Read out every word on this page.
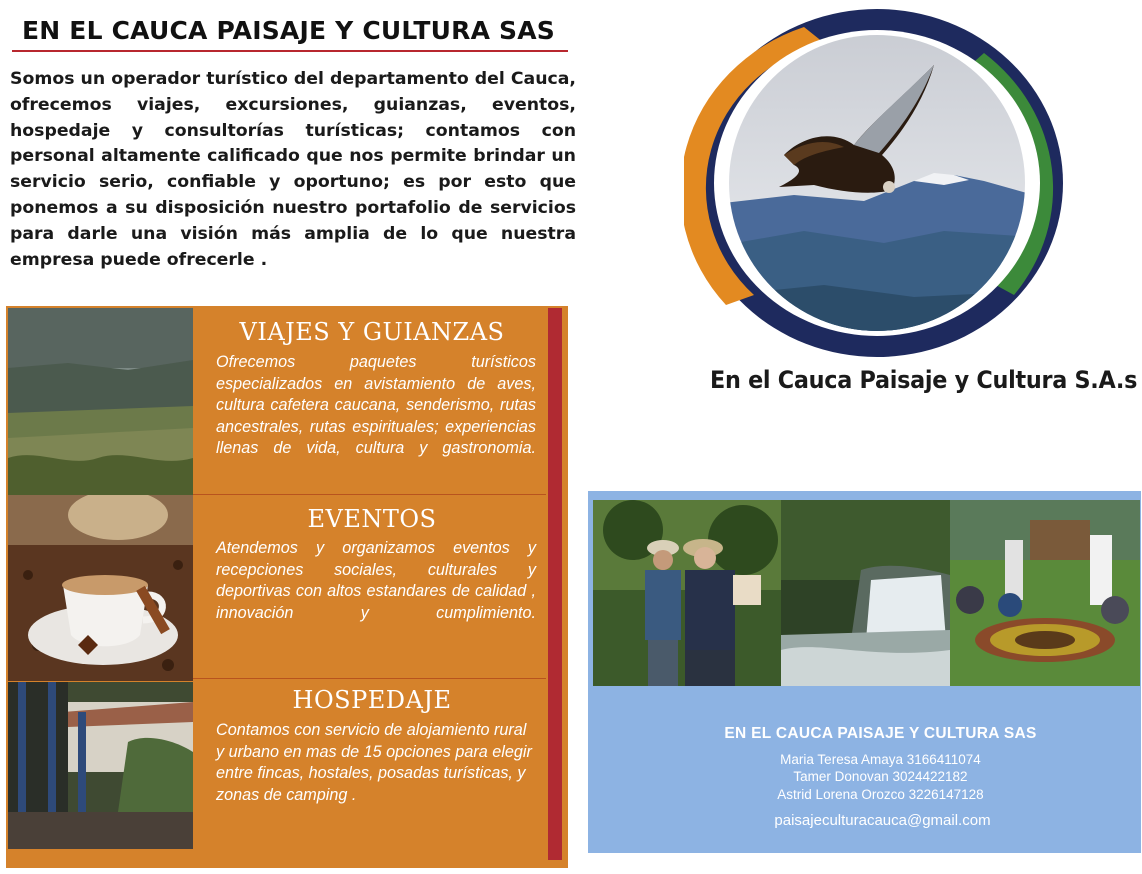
EN EL CAUCA PAISAJE Y CULTURA SAS
Somos un operador turístico del departamento del Cauca, ofrecemos viajes, excursiones, guianzas, eventos, hospedaje y consultorías turísticas; contamos con personal altamente calificado que nos permite brindar un servicio serio, confiable y oportuno; es por esto que ponemos a su disposición nuestro portafolio de servicios para darle una visión más amplia de lo que nuestra empresa puede ofrecerle .
En el Cauca Paisaje y Cultura S.A.s
VIAJES Y GUIANZAS
Ofrecemos paquetes turísticos especializados en avistamiento de aves, cultura cafetera caucana, senderismo, rutas ancestrales, rutas espirituales; experiencias llenas de vida, cultura y gastronomia.
EVENTOS
Atendemos y organizamos eventos y recepciones sociales, culturales y deportivas con altos estandares de calidad , innovación y cumplimiento.
HOSPEDAJE
Contamos con servicio de alojamiento rural y urbano en mas de 15 opciones para elegir entre fincas, hostales, posadas turísticas, y zonas de camping .
EN EL CAUCA PAISAJE Y CULTURA SAS
Maria Teresa Amaya 3166411074
Tamer Donovan 3024422182
Astrid Lorena Orozco 3226147128
paisajeculturacauca@gmail.com
